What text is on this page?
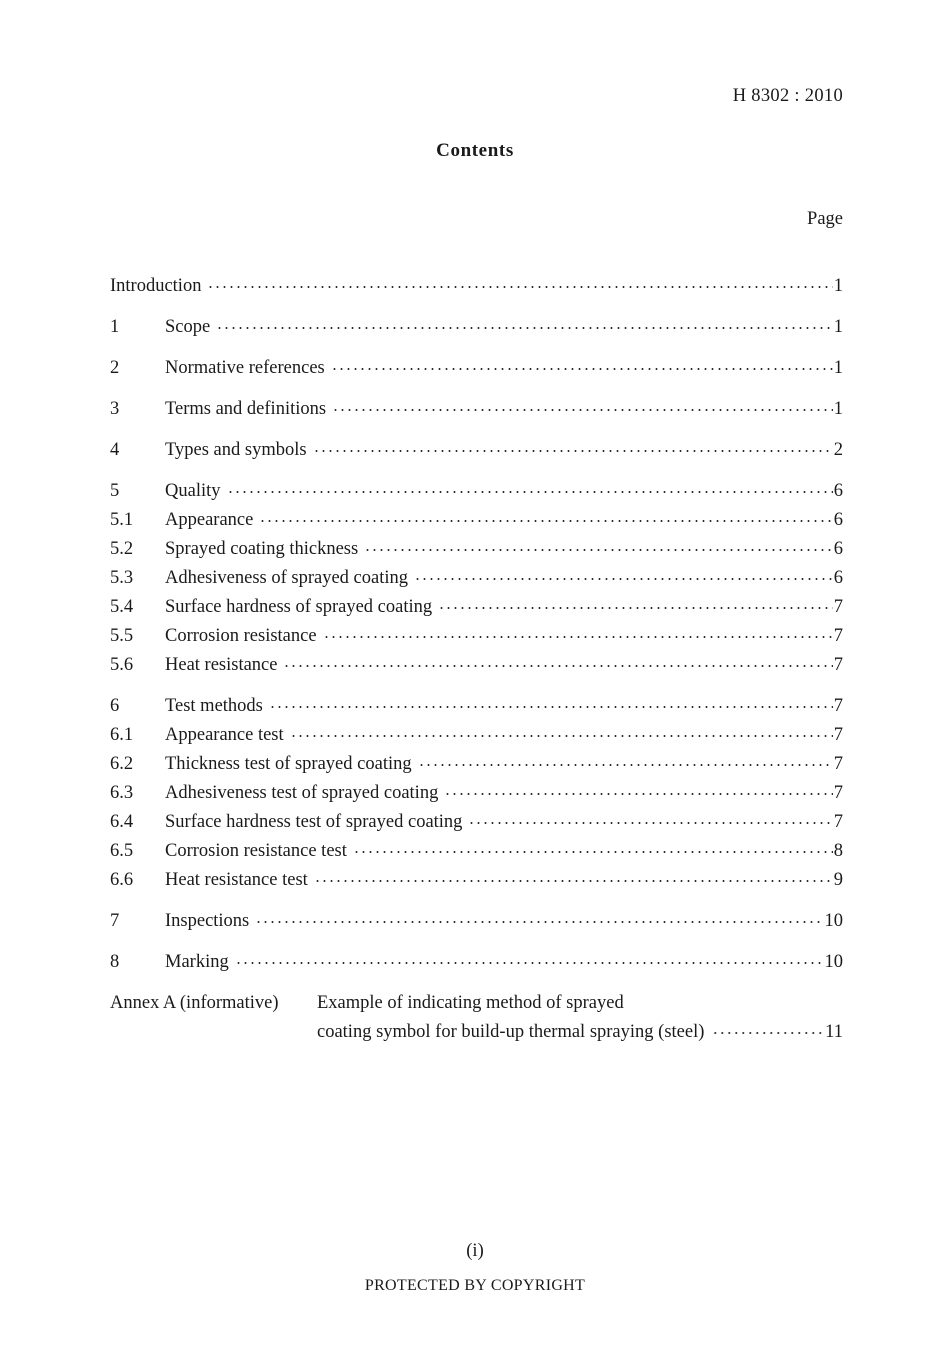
H 8302 : 2010
Contents
Page
Introduction	1
1	Scope	1
2	Normative references	1
3	Terms and definitions	1
4	Types and symbols	2
5	Quality	6
5.1	Appearance	6
5.2	Sprayed coating thickness	6
5.3	Adhesiveness of sprayed coating	6
5.4	Surface hardness of sprayed coating	7
5.5	Corrosion resistance	7
5.6	Heat resistance	7
6	Test methods	7
6.1	Appearance test	7
6.2	Thickness test of sprayed coating	7
6.3	Adhesiveness test of sprayed coating	7
6.4	Surface hardness test of sprayed coating	7
6.5	Corrosion resistance test	8
6.6	Heat resistance test	9
7	Inspections	10
8	Marking	10
Annex A (informative)	Example of indicating method of sprayed
coating symbol for build-up thermal spraying (steel)	11
(i)
PROTECTED BY COPYRIGHT
